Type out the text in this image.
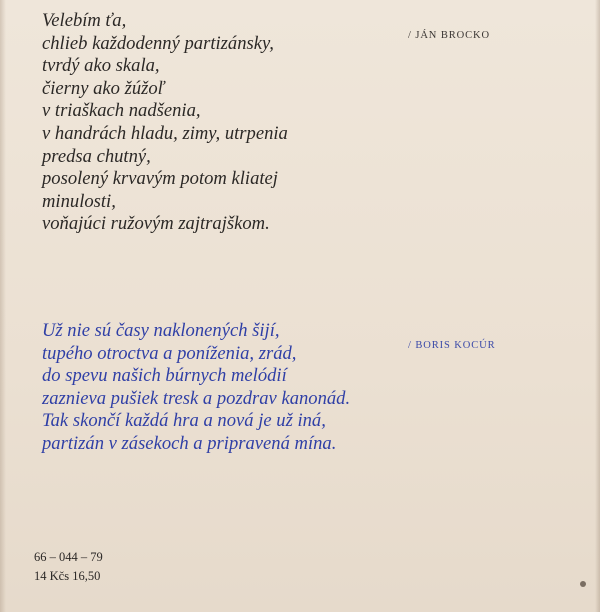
Velebím ťa,
chlieb každodenný partizánsky,
tvrdý ako skala,
čierny ako žúžoľ
v triaškach nadšenia,
v handrách hladu, zimy, utrpenia
predsa chutný,
posolený krvavým potom kliatej
minulosti,
voňajúci ružovým zajtrajškom.
/ JÁN BROCKO
Už nie sú časy naklonených šijí,
tupého otroctva a poníženia, zrád,
do spevu našich búrnych melódií
zaznieva pušiek tresk a pozdrav kanonád.
Tak skončí každá hra a nová je už iná,
partizán v zásekoch a pripravená mína.
/ BORIS KOCÚR
66 – 044 – 79
14 Kčs 16,50
